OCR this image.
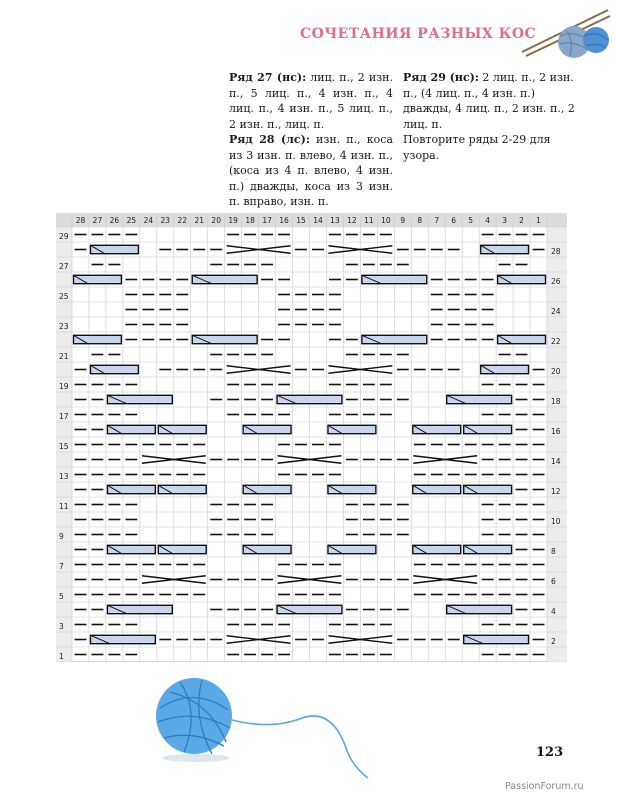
СОЧЕТАНИЯ РАЗНЫХ КОС

Ряд 27 (нс): лиц. п., 2 изн. п., 5 лиц. п., 4 изн. п., 4 лиц. п., 4 изн. п., 5 лиц. п., 2 изн. п., лиц. п.

Ряд 28 (лс): изн. п., коса из 3 изн. п. влево, 4 изн. п., (коса из 4 п. влево, 4 изн. п.) дважды, коса из 3 изн. п. вправо, изн. п.

Ряд 29 (нс): 2 лиц. п., 2 изн. п., (4 лиц. п., 4 изн. п.) дважды, 4 лиц. п., 2 изн. п., 2 лиц. п.

Повторите ряды 2-29 для узора.

28 27 26 25 24 23 22 21 20 19 18 17 16 15 14 13 12 11 10 9 8 7 6 5 4 3 2 1
29
28
27
26
25
24
23
22
21
20
19
18
17
16
15
14
13
12
11
10
9
8
7
6
5
4
3
2
1
123
PassionForum.ru
